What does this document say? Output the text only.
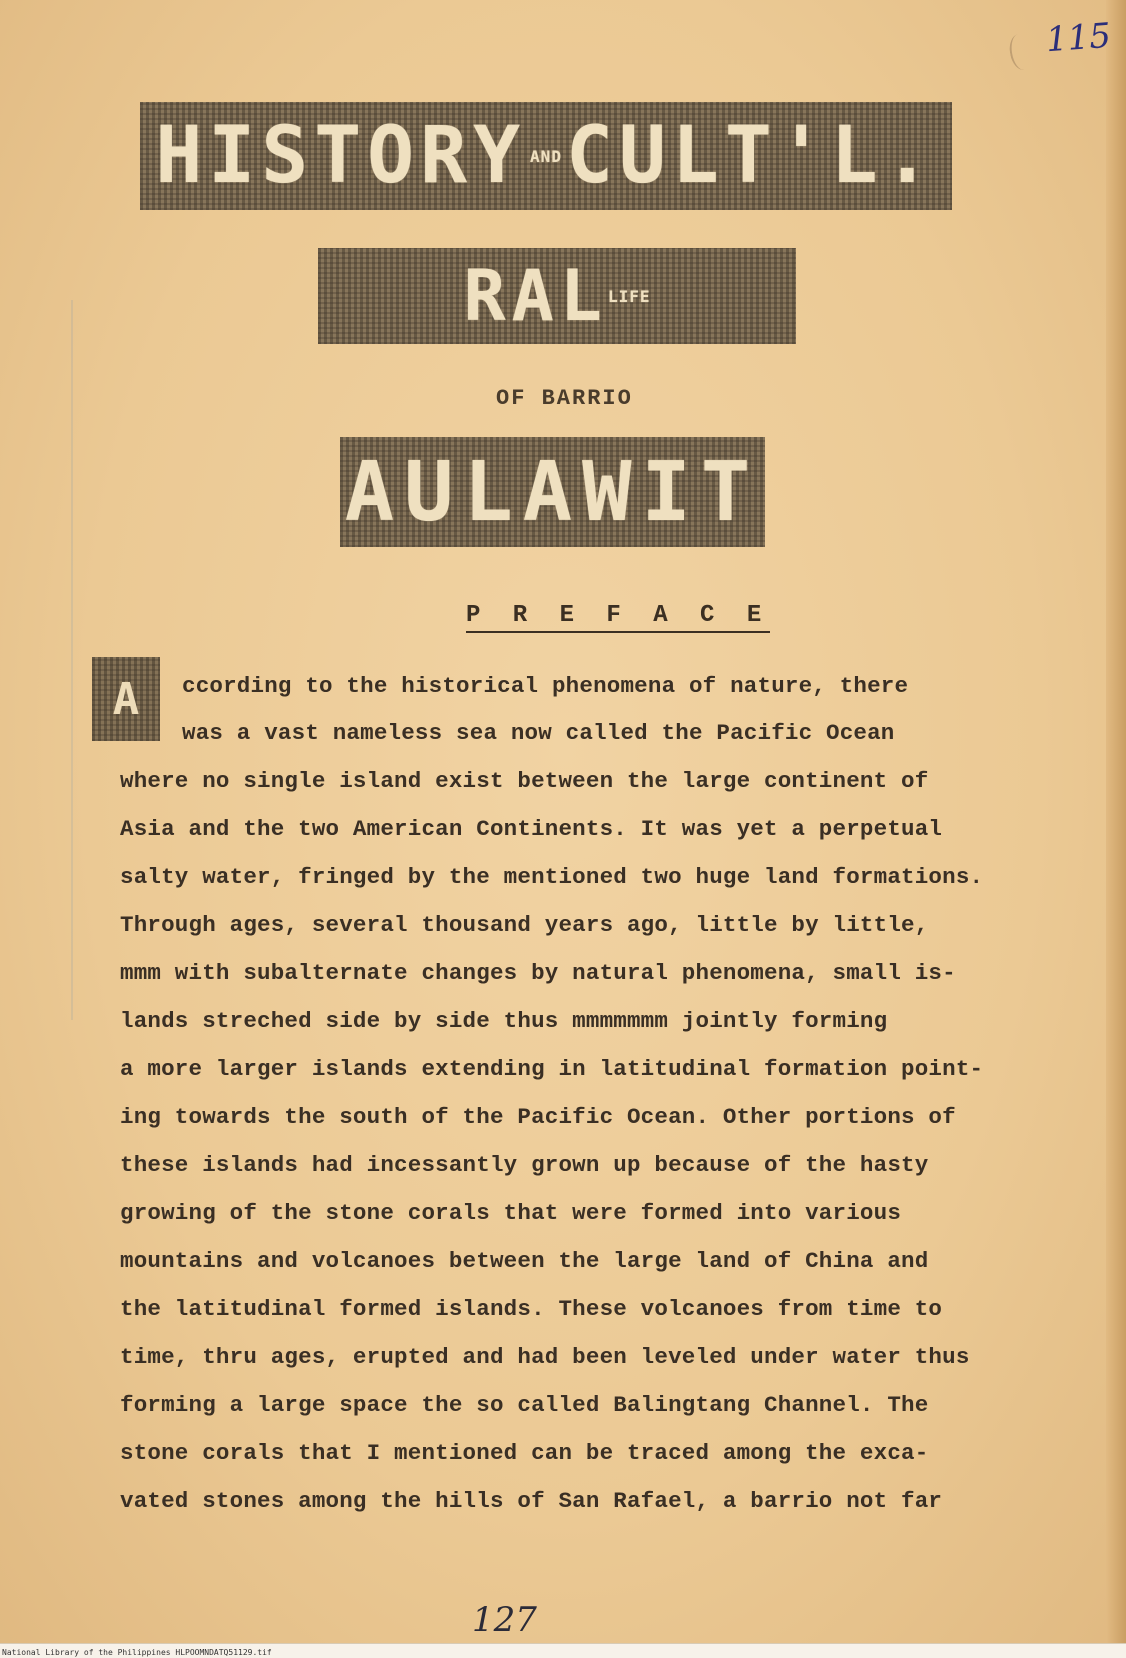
115
HISTORY AND CULT'L.
RAL LIFE
OF BARRIO
AULAWIT
P R E F A C E
A	ccording to the historical phenomena of nature, there
was a vast nameless sea now called the Pacific Ocean
where no single island exist between the large continent of
Asia and the two American Continents. It was yet a perpetual
salty water, fringed by the mentioned two huge land formations.
Through ages, several thousand years ago, little by little,
mmm with subalternate changes by natural phenomena, small is-
lands streched side by side thus mmmmmmm jointly forming
a more larger islands extending in latitudinal formation point-
ing towards the south of the Pacific Ocean. Other portions of
these islands had incessantly grown up because of the hasty
growing of the stone corals that were formed into various
mountains and volcanoes between the large land of China and
the latitudinal formed islands. These volcanoes from time to
time, thru ages, erupted and had been leveled under water thus
forming a large space the so called Balingtang Channel. The
stone corals that I mentioned can be traced among the exca-
vated stones among the hills of San Rafael, a barrio not far
127
National Library of the Philippines HLPOOMNDATQ51129.tif
